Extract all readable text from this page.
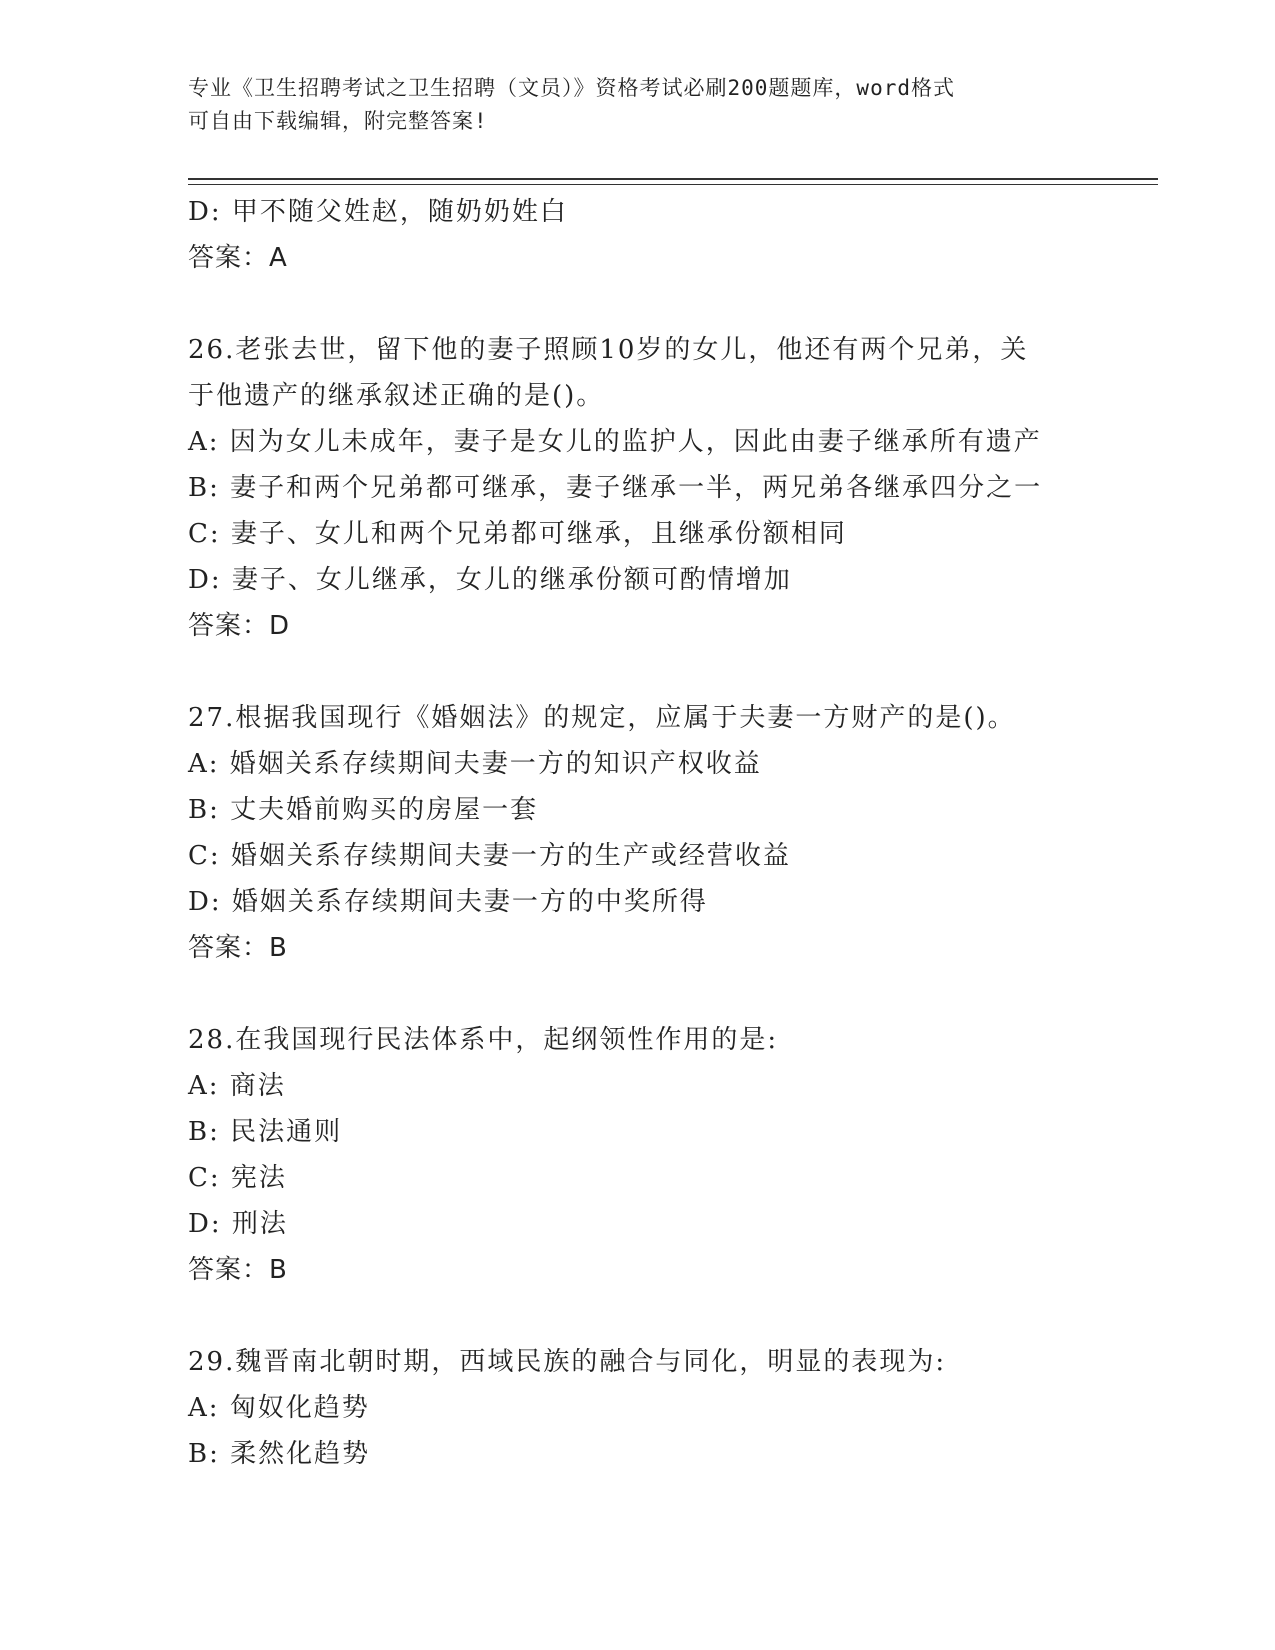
专业《卫生招聘考试之卫生招聘（文员）》资格考试必刷200题题库，word格式
可自由下载编辑，附完整答案!
D: 甲不随父姓赵，随奶奶姓白
答案：A
26.老张去世，留下他的妻子照顾10岁的女儿，他还有两个兄弟，关
于他遗产的继承叙述正确的是()。
A: 因为女儿未成年，妻子是女儿的监护人，因此由妻子继承所有遗产
B: 妻子和两个兄弟都可继承，妻子继承一半，两兄弟各继承四分之一
C: 妻子、女儿和两个兄弟都可继承，且继承份额相同
D: 妻子、女儿继承，女儿的继承份额可酌情增加
答案：D
27.根据我国现行《婚姻法》的规定，应属于夫妻一方财产的是()。
A: 婚姻关系存续期间夫妻一方的知识产权收益
B: 丈夫婚前购买的房屋一套
C: 婚姻关系存续期间夫妻一方的生产或经营收益
D: 婚姻关系存续期间夫妻一方的中奖所得
答案：B
28.在我国现行民法体系中，起纲领性作用的是:
A: 商法
B: 民法通则
C: 宪法
D: 刑法
答案：B
29.魏晋南北朝时期，西域民族的融合与同化，明显的表现为:
A: 匈奴化趋势
B: 柔然化趋势
